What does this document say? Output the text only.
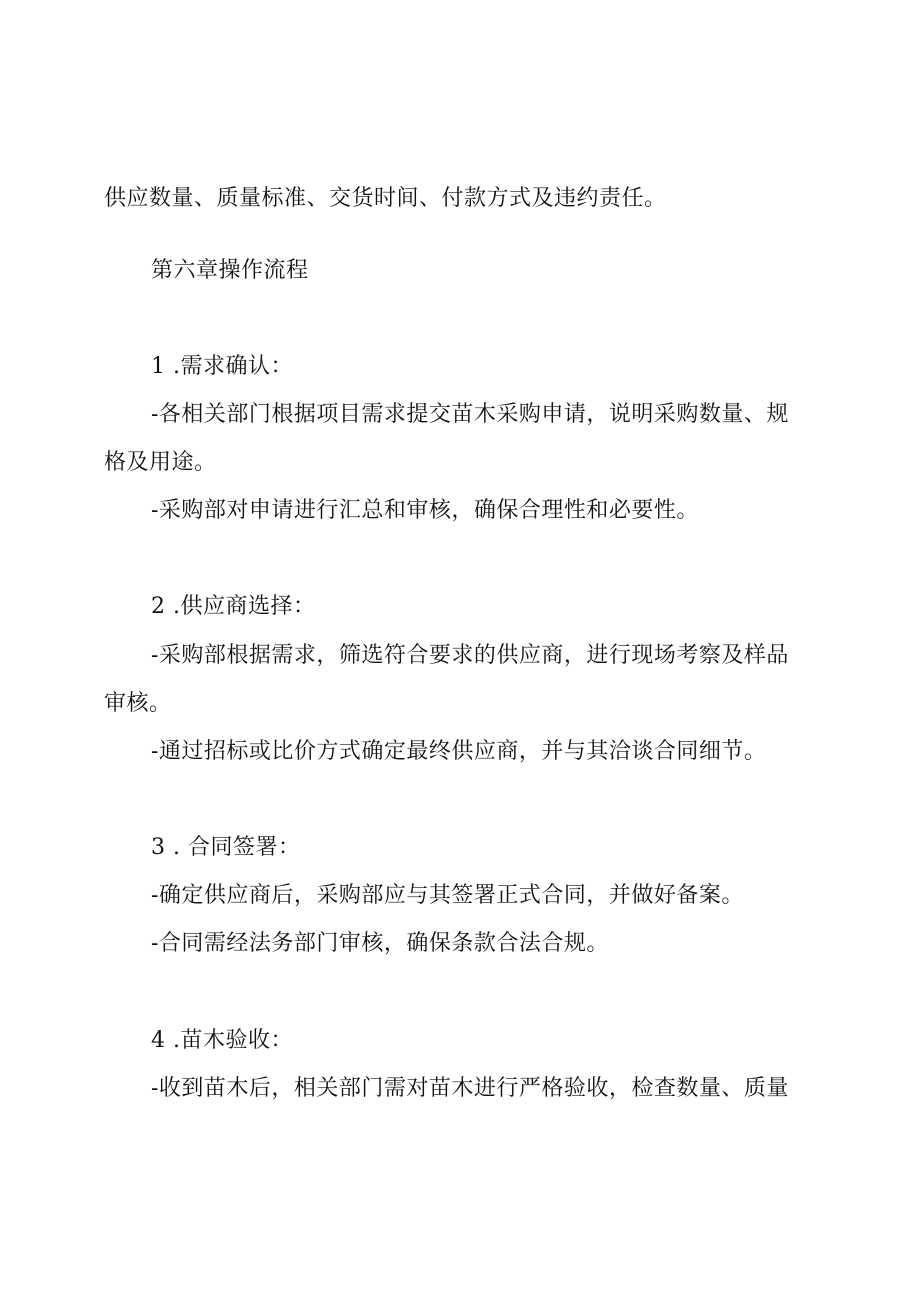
供应数量、质量标准、交货时间、付款方式及违约责任。
第六章操作流程
1 .需求确认：
-各相关部门根据项目需求提交苗木采购申请，说明采购数量、规
格及用途。
-采购部对申请进行汇总和审核，确保合理性和必要性。
2 .供应商选择：
-采购部根据需求，筛选符合要求的供应商，进行现场考察及样品
审核。
-通过招标或比价方式确定最终供应商，并与其洽谈合同细节。
3 . 合同签署：
-确定供应商后，采购部应与其签署正式合同，并做好备案。
-合同需经法务部门审核，确保条款合法合规。
4 .苗木验收：
-收到苗木后，相关部门需对苗木进行严格验收，检查数量、质量
